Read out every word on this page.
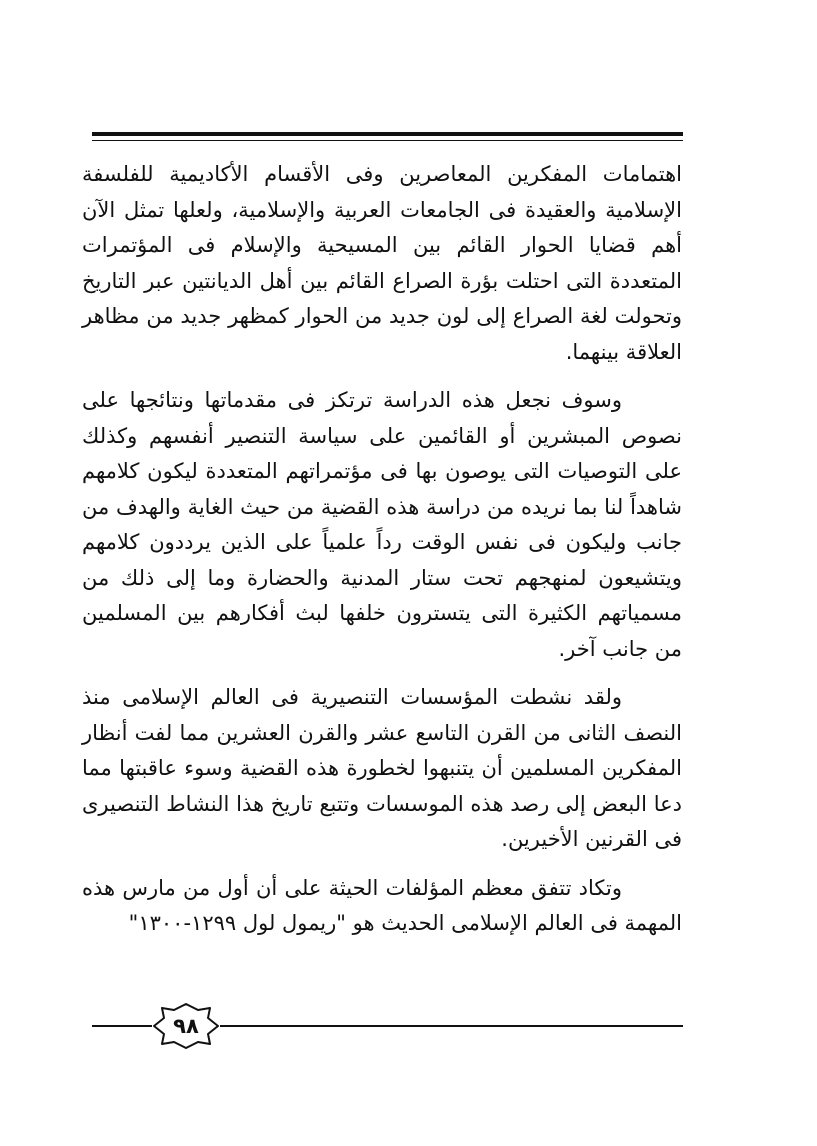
اهتمامات المفكرين المعاصرين وفى الأقسام الأكاديمية للفلسفة الإسلامية والعقيدة فى الجامعات العربية والإسلامية، ولعلها تمثل الآن أهم قضايا الحوار القائم بين المسيحية والإسلام فى المؤتمرات المتعددة التى احتلت بؤرة الصراع القائم بين أهل الديانتين عبر التاريخ وتحولت لغة الصراع إلى لون جديد من الحوار كمظهر جديد من مظاهر العلاقة بينهما.

وسوف نجعل هذه الدراسة ترتكز فى مقدماتها ونتائجها على نصوص المبشرين أو القائمين على سياسة التنصير أنفسهم وكذلك على التوصيات التى يوصون بها فى مؤتمراتهم المتعددة ليكون كلامهم شاهداً لنا بما نريده من دراسة هذه القضية من حيث الغاية والهدف من جانب وليكون فى نفس الوقت رداً علمياً على الذين يرددون كلامهم ويتشيعون لمنهجهم تحت ستار المدنية والحضارة وما إلى ذلك من مسمياتهم الكثيرة التى يتسترون خلفها لبث أفكارهم بين المسلمين من جانب آخر.

ولقد نشطت المؤسسات التنصيرية فى العالم الإسلامى منذ النصف الثانى من القرن التاسع عشر والقرن العشرين مما لفت أنظار المفكرين المسلمين أن يتنبهوا لخطورة هذه القضية وسوء عاقبتها مما دعا البعض إلى رصد هذه الموسسات وتتبع تاريخ هذا النشاط التنصيرى فى القرنين الأخيرين.

وتكاد تتفق معظم المؤلفات الحيثة على أن أول من مارس هذه المهمة فى العالم الإسلامى الحديث هو "ريمول لول ١٢٩٩-١٣٠٠"

٩٨
